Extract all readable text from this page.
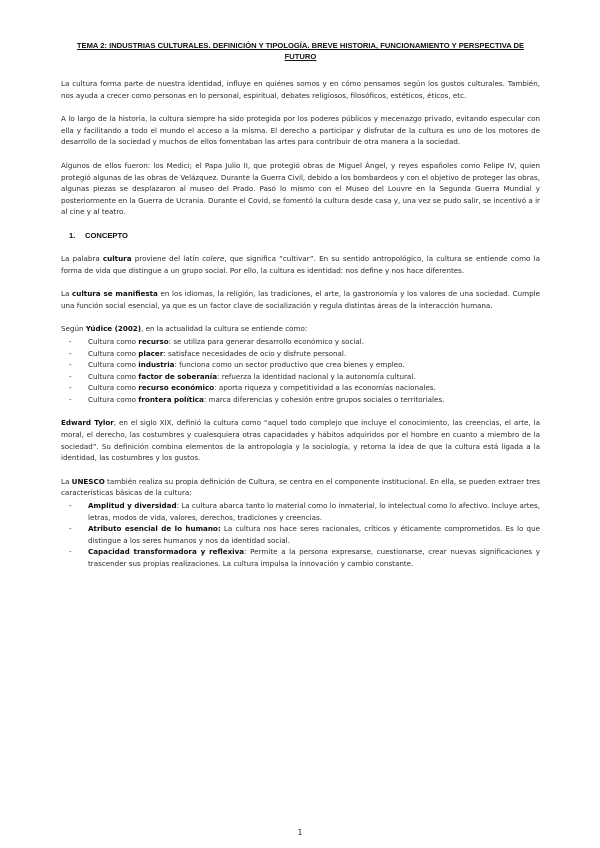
TEMA 2: INDUSTRIAS CULTURALES. DEFINICIÓN Y TIPOLOGÍA. BREVE HISTORIA, FUNCIONAMIENTO Y PERSPECTIVA DE FUTURO

La cultura forma parte de nuestra identidad, influye en quiénes somos y en cómo pensamos según los gustos culturales. También, nos ayuda a crecer como personas en lo personal, espiritual, debates religiosos, filosóficos, estéticos, éticos, etc.

A lo largo de la historia, la cultura siempre ha sido protegida por los poderes públicos y mecenazgo privado, evitando especular con ella y facilitando a todo el mundo el acceso a la misma. El derecho a participar y disfrutar de la cultura es uno de los motores de desarrollo de la sociedad y muchos de ellos fomentaban las artes para contribuir de otra manera a la sociedad.

Algunos de ellos fueron: los Medici; el Papa Julio II, que protegió obras de Miguel Ángel, y reyes españoles como Felipe IV, quien protegió algunas de las obras de Velázquez. Durante la Guerra Civil, debido a los bombardeos y con el objetivo de proteger las obras, algunas piezas se desplazaron al museo del Prado. Pasó lo mismo con el Museo del Louvre en la Segunda Guerra Mundial y posteriormente en la Guerra de Ucrania. Durante el Covid, se fomentó la cultura desde casa y, una vez se pudo salir, se incentivó a ir al cine y al teatro.

1. CONCEPTO

La palabra cultura proviene del latín colere, que significa “cultivar”. En su sentido antropológico, la cultura se entiende como la forma de vida que distingue a un grupo social. Por ello, la cultura es identidad: nos define y nos hace diferentes.

La cultura se manifiesta en los idiomas, la religión, las tradiciones, el arte, la gastronomía y los valores de una sociedad. Cumple una función social esencial, ya que es un factor clave de socialización y regula distintas áreas de la interacción humana.

Según Yúdice (2002), en la actualidad la cultura se entiende como:

- Cultura como recurso: se utiliza para generar desarrollo económico y social.
- Cultura como placer: satisface necesidades de ocio y disfrute personal.
- Cultura como industria: funciona como un sector productivo que crea bienes y empleo.
- Cultura como factor de soberanía: refuerza la identidad nacional y la autonomía cultural.
- Cultura como recurso económico: aporta riqueza y competitividad a las economías nacionales.
- Cultura como frontera política: marca diferencias y cohesión entre grupos sociales o territoriales.

Edward Tylor, en el siglo XIX, definió la cultura como “aquel todo complejo que incluye el conocimiento, las creencias, el arte, la moral, el derecho, las costumbres y cualesquiera otras capacidades y hábitos adquiridos por el hombre en cuanto a miembro de la sociedad”. Su definición combina elementos de la antropología y la sociología, y retoma la idea de que la cultura está ligada a la identidad, las costumbres y los gustos.

La UNESCO también realiza su propia definición de Cultura, se centra en el componente institucional. En ella, se pueden extraer tres características básicas de la cultura:

- Amplitud y diversidad: La cultura abarca tanto lo material como lo inmaterial, lo intelectual como lo afectivo. Incluye artes, letras, modos de vida, valores, derechos, tradiciones y creencias.
- Atributo esencial de lo humano: La cultura nos hace seres racionales, críticos y éticamente comprometidos. Es lo que distingue a los seres humanos y nos da identidad social.
- Capacidad transformadora y reflexiva: Permite a la persona expresarse, cuestionarse, crear nuevas significaciones y trascender sus propias realizaciones. La cultura impulsa la innovación y cambio constante.
1
